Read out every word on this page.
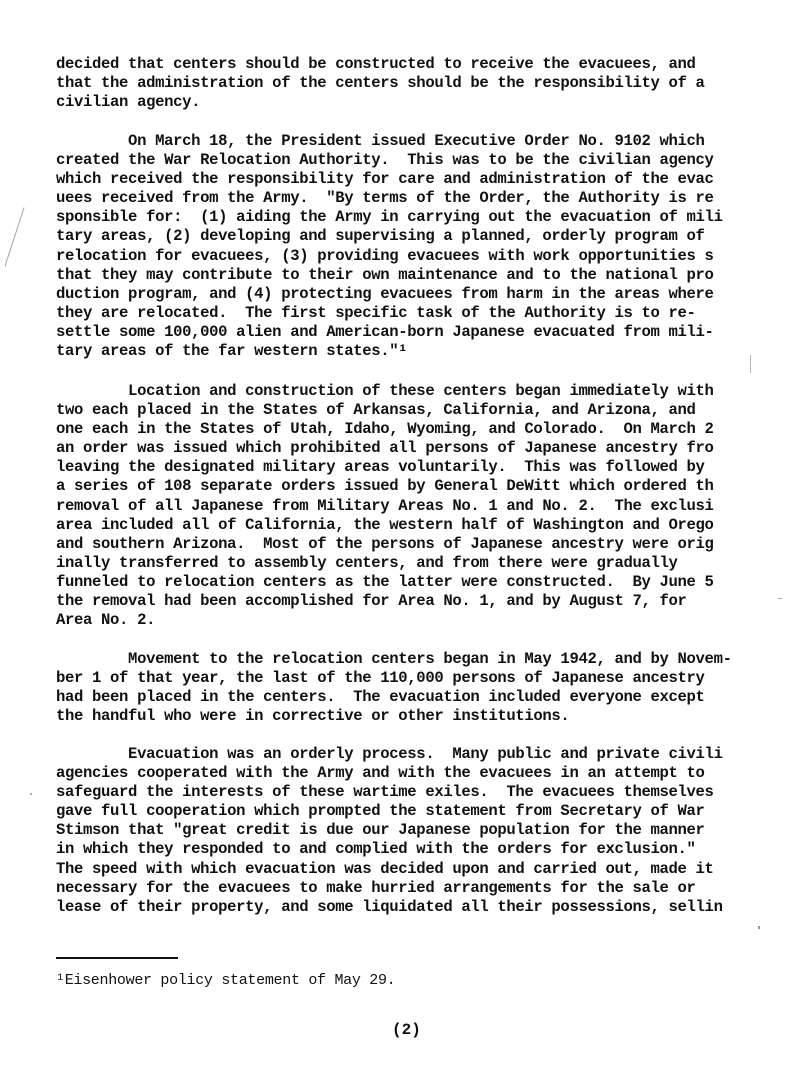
decided that centers should be constructed to receive the evacuees, and
that the administration of the centers should be the responsibility of a
civilian agency.
On March 18, the President issued Executive Order No. 9102 which
created the War Relocation Authority.  This was to be the civilian agency
which received the responsibility for care and administration of the evac
uees received from the Army.  "By terms of the Order, the Authority is re
sponsible for:  (1) aiding the Army in carrying out the evacuation of mili
tary areas, (2) developing and supervising a planned, orderly program of
relocation for evacuees, (3) providing evacuees with work opportunities s
that they may contribute to their own maintenance and to the national pro
duction program, and (4) protecting evacuees from harm in the areas where
they are relocated.  The first specific task of the Authority is to re-
settle some 100,000 alien and American-born Japanese evacuated from mili-
tary areas of the far western states."¹
Location and construction of these centers began immediately with
two each placed in the States of Arkansas, California, and Arizona, and
one each in the States of Utah, Idaho, Wyoming, and Colorado.  On March 2
an order was issued which prohibited all persons of Japanese ancestry fro
leaving the designated military areas voluntarily.  This was followed by
a series of 108 separate orders issued by General DeWitt which ordered th
removal of all Japanese from Military Areas No. 1 and No. 2.  The exclusi
area included all of California, the western half of Washington and Orego
and southern Arizona.  Most of the persons of Japanese ancestry were orig
inally transferred to assembly centers, and from there were gradually
funneled to relocation centers as the latter were constructed.  By June 5
the removal had been accomplished for Area No. 1, and by August 7, for
Area No. 2.
Movement to the relocation centers began in May 1942, and by Novem-
ber 1 of that year, the last of the 110,000 persons of Japanese ancestry
had been placed in the centers.  The evacuation included everyone except
the handful who were in corrective or other institutions.
Evacuation was an orderly process.  Many public and private civili
agencies cooperated with the Army and with the evacuees in an attempt to
safeguard the interests of these wartime exiles.  The evacuees themselves
gave full cooperation which prompted the statement from Secretary of War
Stimson that "great credit is due our Japanese population for the manner
in which they responded to and complied with the orders for exclusion."
The speed with which evacuation was decided upon and carried out, made it
necessary for the evacuees to make hurried arrangements for the sale or
lease of their property, and some liquidated all their possessions, sellin
¹Eisenhower policy statement of May 29.
(2)
